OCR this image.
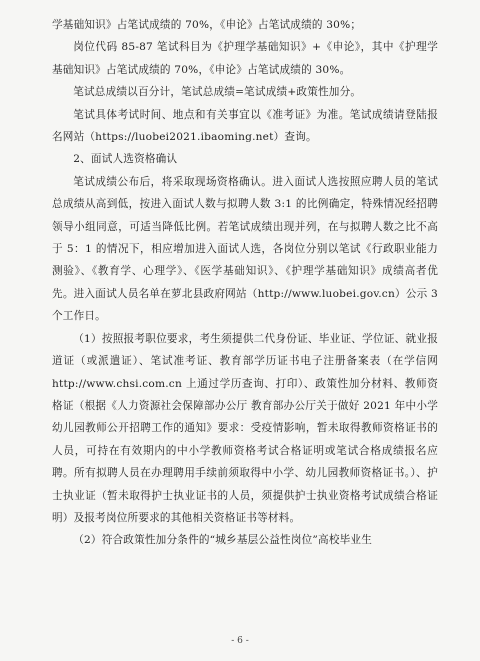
学基础知识》占笔试成绩的 70%，《申论》占笔试成绩的 30%；

岗位代码 85-87 笔试科目为《护理学基础知识》+《申论》，其中《护理学基础知识》占笔试成绩的 70%，《申论》占笔试成绩的 30%。

笔试总成绩以百分计，笔试总成绩=笔试成绩+政策性加分。

笔试具体考试时间、地点和有关事宜以《准考证》为准。笔试成绩请登陆报名网站（https://luobei2021.ibaoming.net）查询。

2、面试人选资格确认

笔试成绩公布后，将采取现场资格确认。进入面试人选按照应聘人员的笔试总成绩从高到低，按进入面试人数与拟聘人数 3:1 的比例确定，特殊情况经招聘领导小组同意，可适当降低比例。若笔试成绩出现并列，在与拟聘人数之比不高于 5：1 的情况下，相应增加进入面试人选，各岗位分别以笔试《行政职业能力测验》、《教育学、心理学》、《医学基础知识》、《护理学基础知识》成绩高者优先。进入面试人员名单在萝北县政府网站（http://www.luobei.gov.cn）公示 3 个工作日。

（1）按照报考职位要求，考生须提供二代身份证、毕业证、学位证、就业报道证（或派遣证）、笔试准考证、教育部学历证书电子注册备案表（在学信网 http://www.chsi.com.cn 上通过学历查询、打印）、政策性加分材料、教师资格证（根据《人力资源社会保障部办公厅 教育部办公厅关于做好 2021 年中小学幼儿园教师公开招聘工作的通知》要求：受疫情影响，暂未取得教师资格证书的人员，可持在有效期内的中小学教师资格考试合格证明或笔试合格成绩报名应聘。所有拟聘人员在办理聘用手续前须取得中小学、幼儿园教师资格证书。）、护士执业证（暂未取得护士执业证书的人员，须提供护士执业资格考试成绩合格证明）及报考岗位所要求的其他相关资格证书等材料。

（2）符合政策性加分条件的“城乡基层公益性岗位”高校毕业生

- 6 -
